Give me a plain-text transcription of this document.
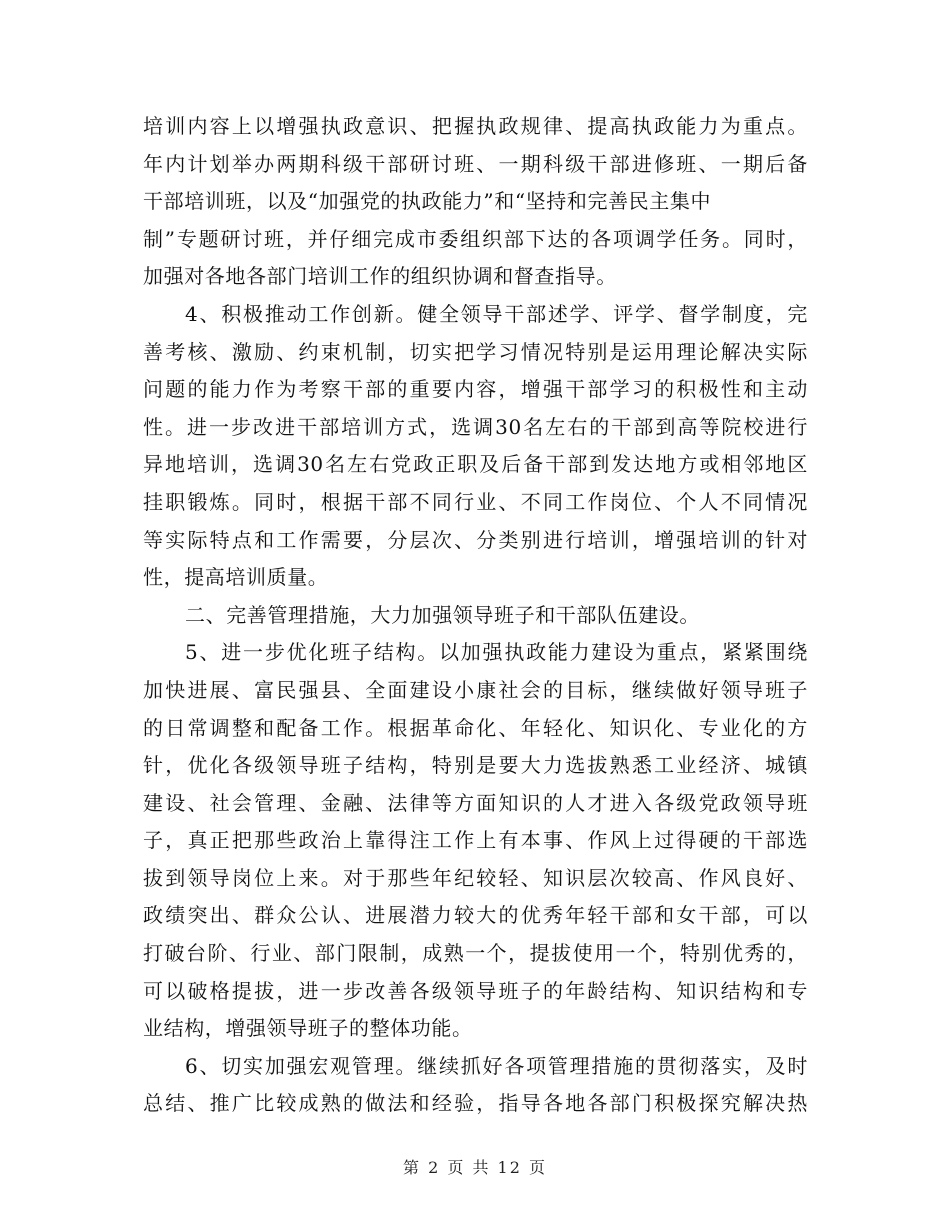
培训内容上以增强执政意识、把握执政规律、提高执政能力为重点。
年内计划举办两期科级干部研讨班、一期科级干部进修班、一期后备
干部培训班，以及“加强党的执政能力”和“坚持和完善民主集中
制”专题研讨班，并仔细完成市委组织部下达的各项调学任务。同时，
加强对各地各部门培训工作的组织协调和督查指导。
4、积极推动工作创新。健全领导干部述学、评学、督学制度，完
善考核、激励、约束机制，切实把学习情况特别是运用理论解决实际
问题的能力作为考察干部的重要内容，增强干部学习的积极性和主动
性。进一步改进干部培训方式，选调30名左右的干部到高等院校进行
异地培训，选调30名左右党政正职及后备干部到发达地方或相邻地区
挂职锻炼。同时，根据干部不同行业、不同工作岗位、个人不同情况
等实际特点和工作需要，分层次、分类别进行培训，增强培训的针对
性，提高培训质量。
二、完善管理措施，大力加强领导班子和干部队伍建设。
5、进一步优化班子结构。以加强执政能力建设为重点，紧紧围绕
加快进展、富民强县、全面建设小康社会的目标，继续做好领导班子
的日常调整和配备工作。根据革命化、年轻化、知识化、专业化的方
针，优化各级领导班子结构，特别是要大力选拔熟悉工业经济、城镇
建设、社会管理、金融、法律等方面知识的人才进入各级党政领导班
子，真正把那些政治上靠得注工作上有本事、作风上过得硬的干部选
拔到领导岗位上来。对于那些年纪较轻、知识层次较高、作风良好、
政绩突出、群众公认、进展潜力较大的优秀年轻干部和女干部，可以
打破台阶、行业、部门限制，成熟一个，提拔使用一个，特别优秀的，
可以破格提拔，进一步改善各级领导班子的年龄结构、知识结构和专
业结构，增强领导班子的整体功能。
6、切实加强宏观管理。继续抓好各项管理措施的贯彻落实，及时
总结、推广比较成熟的做法和经验，指导各地各部门积极探究解决热
第 2 页 共 12 页
